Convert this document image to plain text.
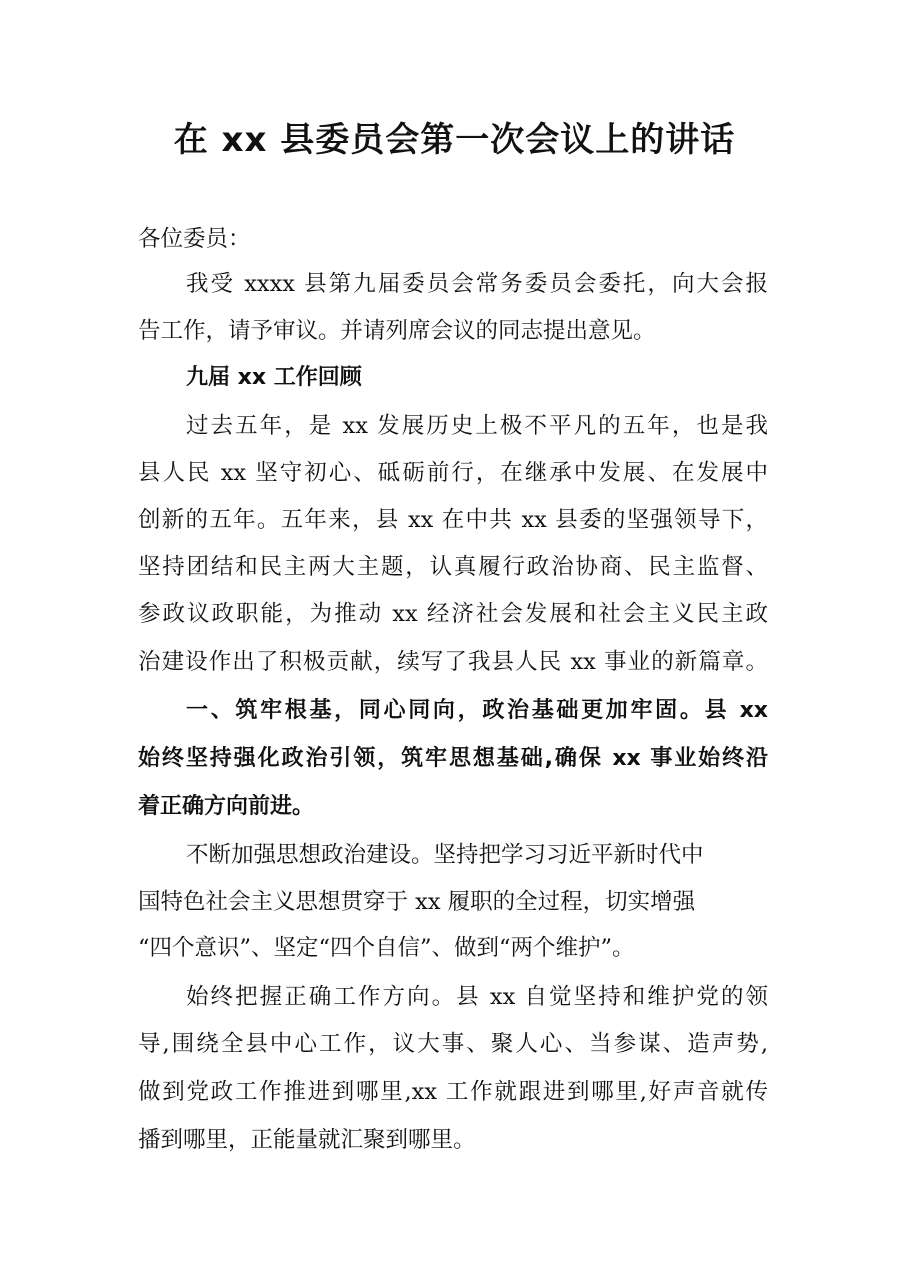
在 xx 县委员会第一次会议上的讲话

各位委员：

我受 xxxx 县第九届委员会常务委员会委托，向大会报

告工作，请予审议。并请列席会议的同志提出意见。

九届 xx 工作回顾

过去五年，是 xx 发展历史上极不平凡的五年，也是我

县人民 xx 坚守初心、砥砺前行，在继承中发展、在发展中

创新的五年。五年来，县 xx 在中共 xx 县委的坚强领导下，

坚持团结和民主两大主题，认真履行政治协商、民主监督、

参政议政职能，为推动 xx 经济社会发展和社会主义民主政

治建设作出了积极贡献，续写了我县人民 xx 事业的新篇章。

一、筑牢根基，同心同向，政治基础更加牢固。县 xx

始终坚持强化政治引领，筑牢思想基础,确保 xx 事业始终沿

着正确方向前进。

不断加强思想政治建设。坚持把学习习近平新时代中

国特色社会主义思想贯穿于 xx 履职的全过程，切实增强

“四个意识”、坚定“四个自信”、做到“两个维护”。

始终把握正确工作方向。县 xx 自觉坚持和维护党的领

导,围绕全县中心工作，议大事、聚人心、当参谋、造声势,

做到党政工作推进到哪里,xx 工作就跟进到哪里,好声音就传

播到哪里，正能量就汇聚到哪里。
